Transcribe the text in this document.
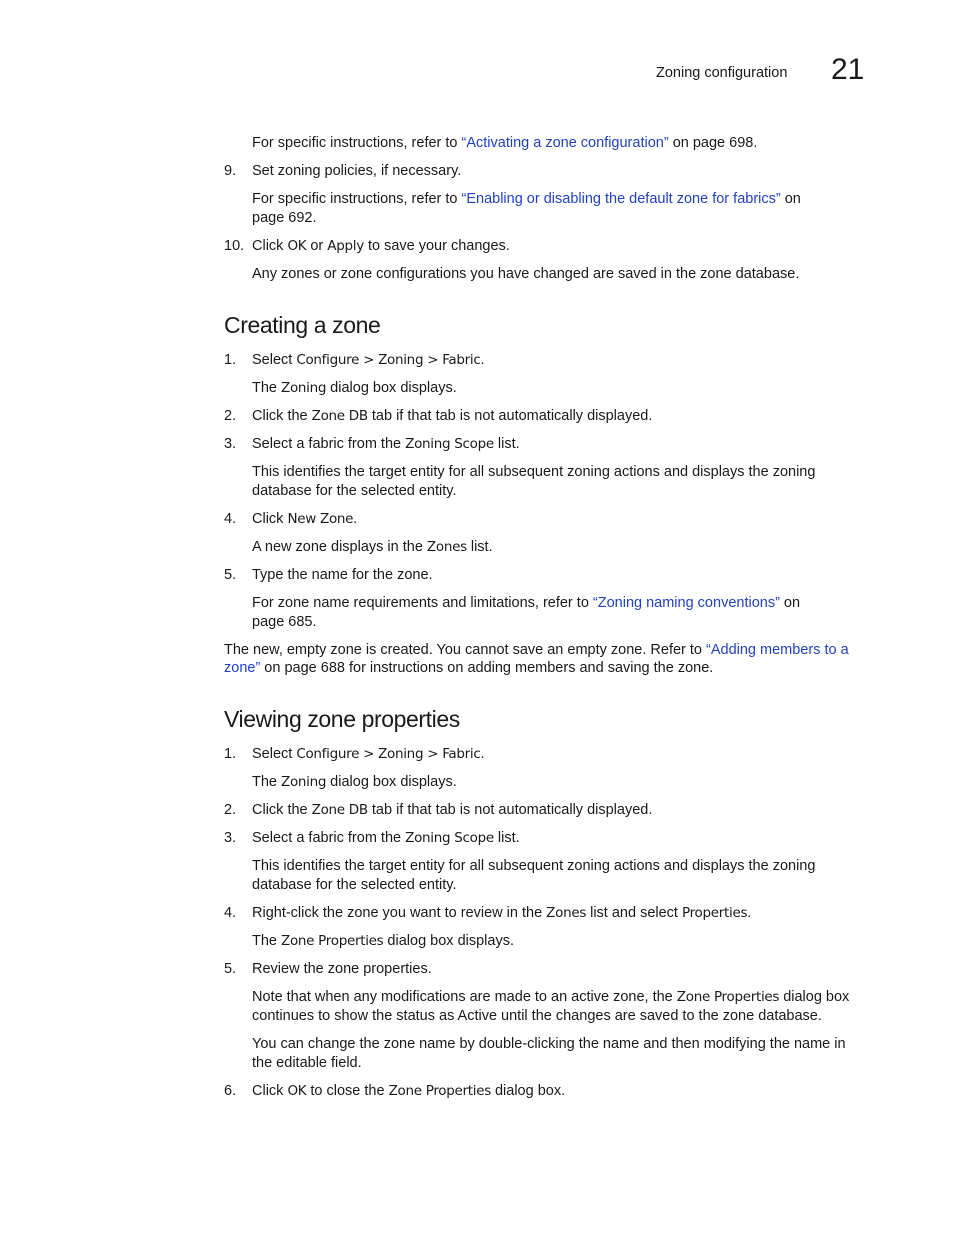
Zoning configuration 21
For specific instructions, refer to “Activating a zone configuration” on page 698.
9. Set zoning policies, if necessary.
For specific instructions, refer to “Enabling or disabling the default zone for fabrics” on
page 692.
10. Click OK or Apply to save your changes.
Any zones or zone configurations you have changed are saved in the zone database.
Creating a zone
1. Select Configure > Zoning > Fabric.
The Zoning dialog box displays.
2. Click the Zone DB tab if that tab is not automatically displayed.
3. Select a fabric from the Zoning Scope list.
This identifies the target entity for all subsequent zoning actions and displays the zoning
database for the selected entity.
4. Click New Zone.
A new zone displays in the Zones list.
5. Type the name for the zone.
For zone name requirements and limitations, refer to “Zoning naming conventions” on
page 685.
The new, empty zone is created. You cannot save an empty zone. Refer to “Adding members to a
zone” on page 688 for instructions on adding members and saving the zone.
Viewing zone properties
1. Select Configure > Zoning > Fabric.
The Zoning dialog box displays.
2. Click the Zone DB tab if that tab is not automatically displayed.
3. Select a fabric from the Zoning Scope list.
This identifies the target entity for all subsequent zoning actions and displays the zoning
database for the selected entity.
4. Right-click the zone you want to review in the Zones list and select Properties.
The Zone Properties dialog box displays.
5. Review the zone properties.
Note that when any modifications are made to an active zone, the Zone Properties dialog box
continues to show the status as Active until the changes are saved to the zone database.
You can change the zone name by double-clicking the name and then modifying the name in
the editable field.
6. Click OK to close the Zone Properties dialog box.
